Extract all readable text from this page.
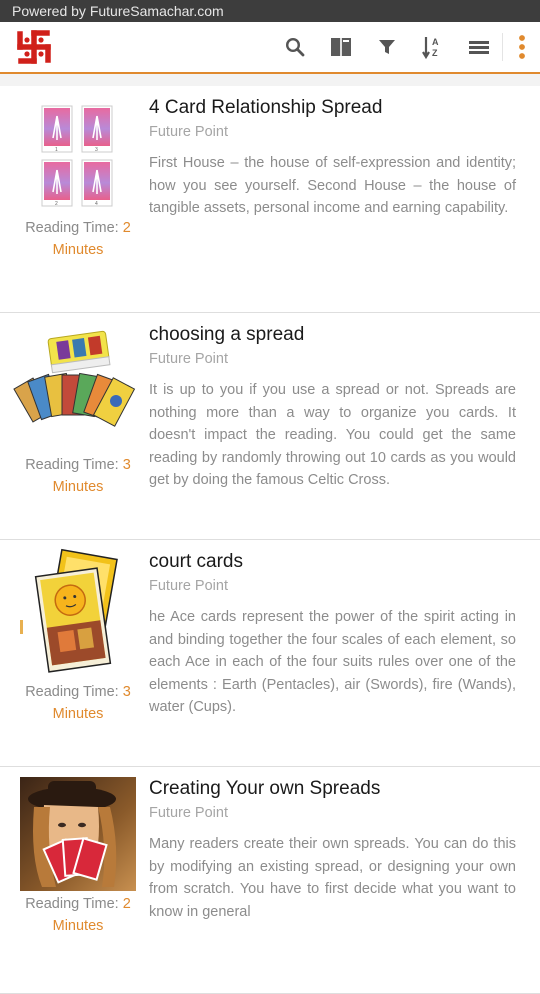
Powered by FutureSamachar.com
A
Z
1	3
2	4
Reading Time: 2
Minutes
4 Card Relationship Spread
Future Point
First House – the house of self-expression and identity; how you see yourself. Second House – the house of tangible assets, personal income and earning capability.
Reading Time: 3
Minutes
choosing a spread
Future Point
It is up to you if you use a spread or not. Spreads are nothing more than a way to organize you cards. It doesn't impact the reading. You could get the same reading by randomly throwing out 10 cards as you would get by doing the famous Celtic Cross.
Reading Time: 3
Minutes
court cards
Future Point
he Ace cards represent the power of the spirit acting in and binding together the four scales of each element, so each Ace in each of the four suits rules over one of the elements : Earth (Pentacles), air (Swords), fire (Wands), water (Cups).
Reading Time: 2
Minutes
Creating Your own Spreads
Future Point
Many readers create their own spreads. You can do this by modifying an existing spread, or designing your own from scratch. You have to first decide what you want to know in general
